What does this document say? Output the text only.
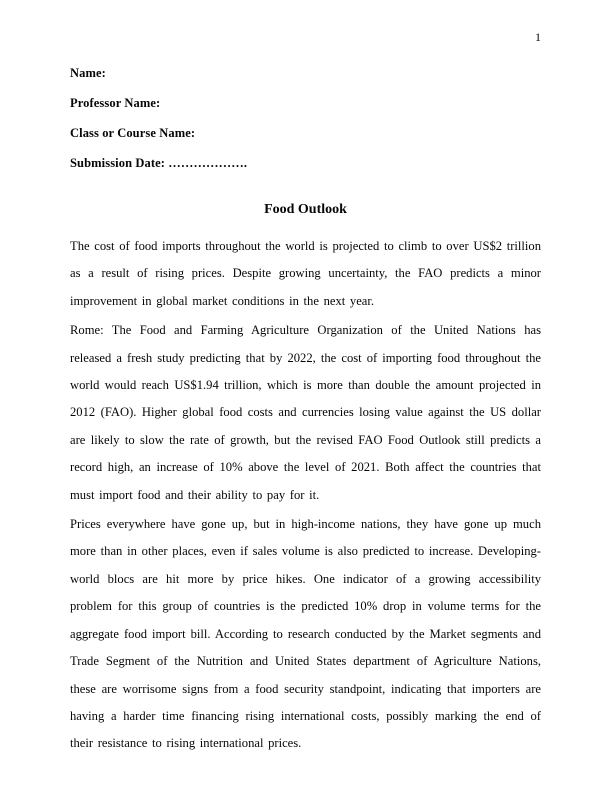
1

Name:

Professor Name:

Class or Course Name:

Submission Date: ……………….

Food Outlook

The cost of food imports throughout the world is projected to climb to over US$2 trillion as a result of rising prices. Despite growing uncertainty, the FAO predicts a minor improvement in global market conditions in the next year.

Rome: The Food and Farming Agriculture Organization of the United Nations has released a fresh study predicting that by 2022, the cost of importing food throughout the world would reach US$1.94 trillion, which is more than double the amount projected in 2012 (FAO). Higher global food costs and currencies losing value against the US dollar are likely to slow the rate of growth, but the revised FAO Food Outlook still predicts a record high, an increase of 10% above the level of 2021. Both affect the countries that must import food and their ability to pay for it.

Prices everywhere have gone up, but in high-income nations, they have gone up much more than in other places, even if sales volume is also predicted to increase. Developing-world blocs are hit more by price hikes. One indicator of a growing accessibility problem for this group of countries is the predicted 10% drop in volume terms for the aggregate food import bill. According to research conducted by the Market segments and Trade Segment of the Nutrition and United States department of Agriculture Nations, these are worrisome signs from a food security standpoint, indicating that importers are having a harder time financing rising international costs, possibly marking the end of their resistance to rising international prices.
